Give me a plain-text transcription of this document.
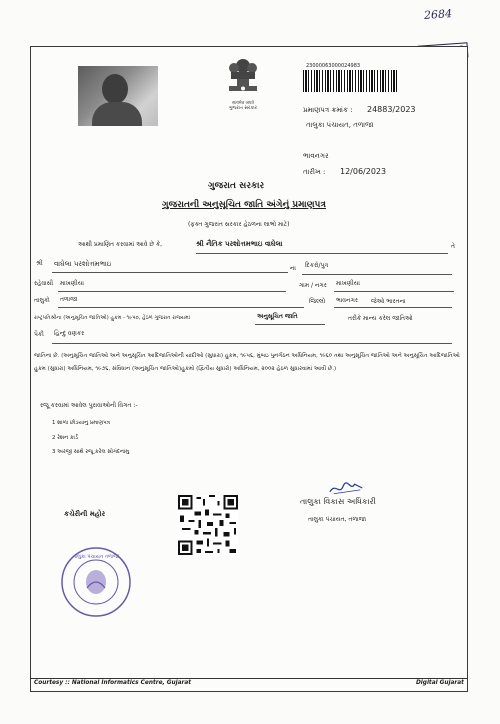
2684
सत्यमेव जयते
ગુજરાત સરકાર
23000063000024983
પ્રમાણપત્ર ક્રમાંક : 24883/2023
તાલુકા પંચાયત, તળાજા
ભાવનગર
તારીખ : 12/06/2023
ગુજરાત સરકાર
ગુજરાતની અનુસૂચિત જાતિ અંગેનું પ્રમાણપત્ર
(ફક્ત ગુજરાત સરકાર હેઠળના લાભો માટે)
આથી પ્રમાણિત કરવામાં આવે છે કે,	શ્રી નૈતિક પરશોત્તમભાઇ વાઘેલા	તે
શ્રી વાઘેલા પરશોત્તમભાઇ
ના દિકરો/પુત્ર
રહેવાસી માખણીયા	ગામ / નગર માખણીયા
તાલુકો તળાજા	જિલ્લો ભાવનગર જેઓ ભારતના
રાષ્ટ્રપતિશ્રીના (અનુસૂચિત જાતિઓ) હુકમ - ૧૯૫૦, હેઠળ ગુજરાત રાજ્યમાં	અનુસૂચિત જાતિ	તરીકે માન્ય કરેલ જાતિઓ
પૈકી હિન્દુ વણકર
જાતિના છે. (અનુસૂચિત જાતિઓ અને અનુસૂચિત આદિજાતિઓની યાદીઓ (સુધારા) હુકમ, ૧૯૫૬, મુંબઇ પુનર્ગઠન અધિનિયમ, ૧૯૬૦ તથા અનુસૂચિત જાતિઓ અને અનુસૂચિત આદિજાતિઓ હુકમ (સુધારા) અધિનિયમ, ૧૯૭૬, સંવિધાન (અનુસૂચિત જાતિઓ)હુકમો (દ્વિતીય સુધારો) અધિનિયમ, ૨૦૦૨ હેઠળ સુધારવામાં આવી છે.)
રજૂ કરવામાં આવેલ પુરાવાઓની વિગત :-
1 શાળા છોડયાનુ પ્રમાણપત્ર
2 રેશન કાર્ડ
3 અરજી સાથે રજૂ કરેલ સોગંદનામુ
કચેરીની મહોર
તાલુકા વિકાસ અધિકારી
તાલુકા પંચાયત, તળાજા
તાલુકા પંચાયત તળાજા
Courtesy :: National Informatics Centre, Gujarat	Digital Gujarat
